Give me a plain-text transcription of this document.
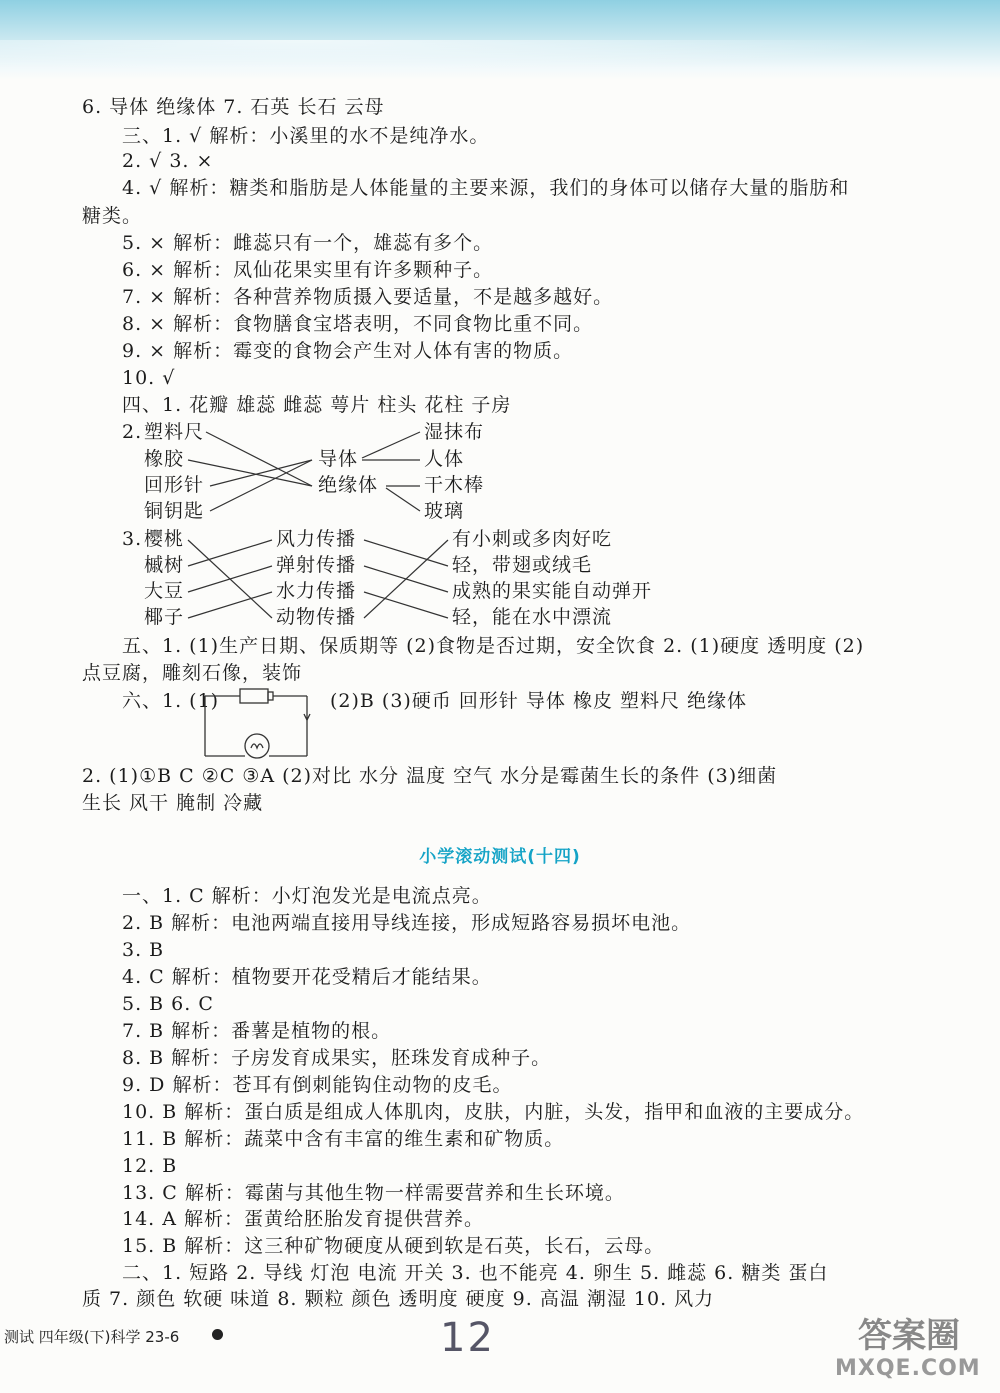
6. 导体 绝缘体 7. 石英 长石 云母
三、1. √ 解析：小溪里的水不是纯净水。
2. √ 3. ×
4. √ 解析：糖类和脂肪是人体能量的主要来源，我们的身体可以储存大量的脂肪和
糖类。
5. × 解析：雌蕊只有一个，雄蕊有多个。
6. × 解析：凤仙花果实里有许多颗种子。
7. × 解析：各种营养物质摄入要适量，不是越多越好。
8. × 解析：食物膳食宝塔表明，不同食物比重不同。
9. × 解析：霉变的食物会产生对人体有害的物质。
10. √
四、1. 花瓣 雄蕊 雌蕊 萼片 柱头 花柱 子房
2. 塑料尺
橡胶
回形针
铜钥匙
导体
绝缘体
湿抹布
人体
干木棒
玻璃
3. 樱桃
槭树
大豆
椰子
风力传播
弹射传播
水力传播
动物传播
有小刺或多肉好吃
轻，带翅或绒毛
成熟的果实能自动弹开
轻，能在水中漂流
五、1. (1)生产日期、保质期等 (2)食物是否过期，安全饮食 2. (1)硬度 透明度 (2)
点豆腐，雕刻石像，装饰
六、1. (1)	(2)B (3)硬币 回形针 导体 橡皮 塑料尺 绝缘体
2. (1)①B C ②C ③A (2)对比 水分 温度 空气 水分是霉菌生长的条件 (3)细菌
生长 风干 腌制 冷藏
小学滚动测试(十四)
一、1. C 解析：小灯泡发光是电流点亮。
2. B 解析：电池两端直接用导线连接，形成短路容易损坏电池。
3. B
4. C 解析：植物要开花受精后才能结果。
5. B 6. C
7. B 解析：番薯是植物的根。
8. B 解析：子房发育成果实，胚珠发育成种子。
9. D 解析：苍耳有倒刺能钩住动物的皮毛。
10. B 解析：蛋白质是组成人体肌肉，皮肤，内脏，头发，指甲和血液的主要成分。
11. B 解析：蔬菜中含有丰富的维生素和矿物质。
12. B
13. C 解析：霉菌与其他生物一样需要营养和生长环境。
14. A 解析：蛋黄给胚胎发育提供营养。
15. B 解析：这三种矿物硬度从硬到软是石英，长石，云母。
二、1. 短路 2. 导线 灯泡 电流 开关 3. 也不能亮 4. 卵生 5. 雌蕊 6. 糖类 蛋白
质 7. 颜色 软硬 味道 8. 颗粒 颜色 透明度 硬度 9. 高温 潮湿 10. 风力
测试 四年级(下)科学 23-6	12	答案圈
MXQE.COM
